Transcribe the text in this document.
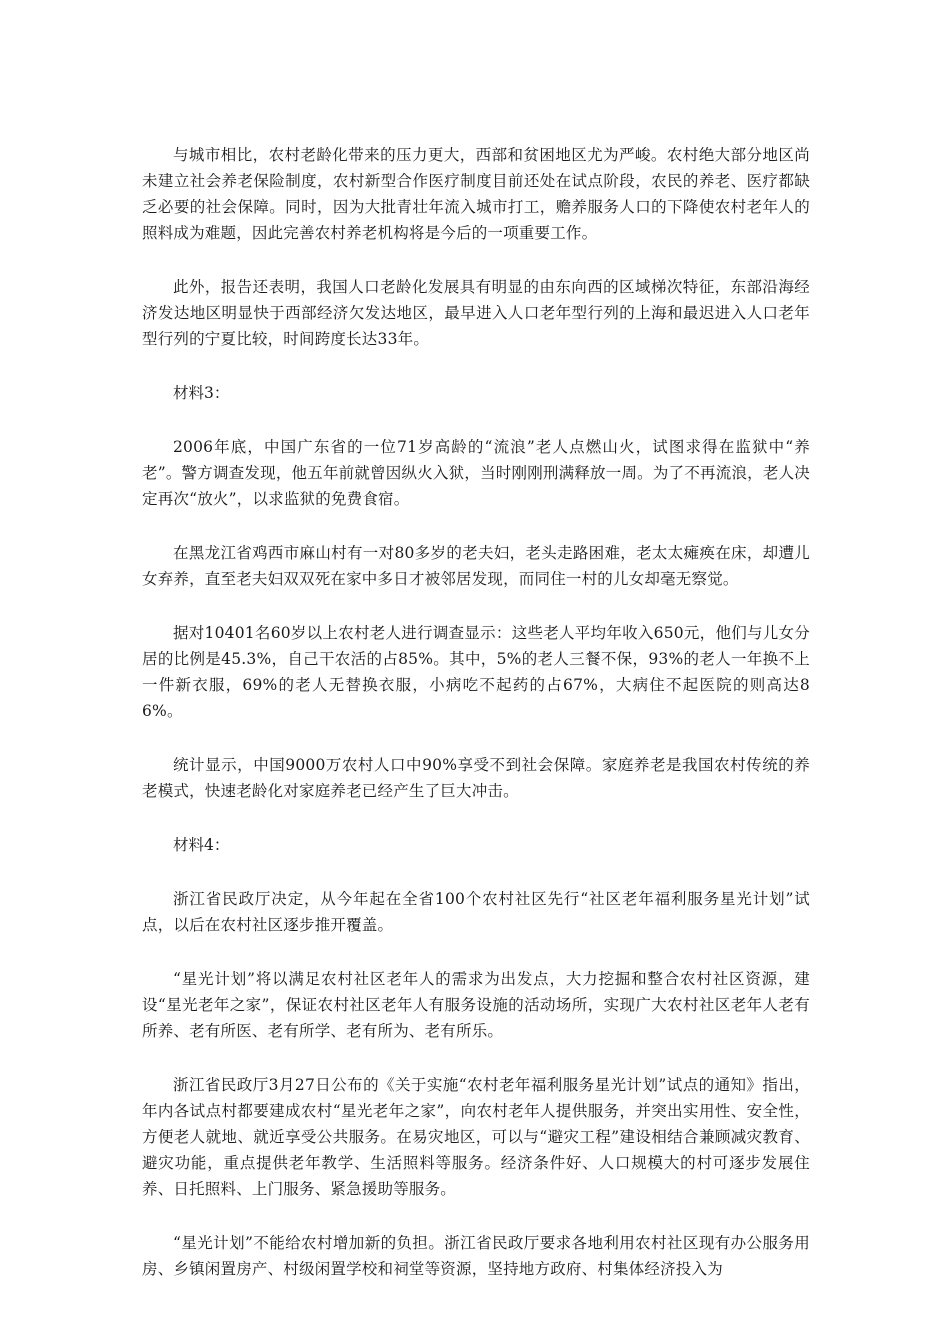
与城市相比，农村老龄化带来的压力更大，西部和贫困地区尤为严峻。农村绝大部分地区尚未建立社会养老保险制度，农村新型合作医疗制度目前还处在试点阶段，农民的养老、医疗都缺乏必要的社会保障。同时，因为大批青壮年流入城市打工，赡养服务人口的下降使农村老年人的照料成为难题，因此完善农村养老机构将是今后的一项重要工作。

此外，报告还表明，我国人口老龄化发展具有明显的由东向西的区域梯次特征，东部沿海经济发达地区明显快于西部经济欠发达地区，最早进入人口老年型行列的上海和最迟进入人口老年型行列的宁夏比较，时间跨度长达33年。

材料3：

2006年底，中国广东省的一位71岁高龄的“流浪”老人点燃山火，试图求得在监狱中“养老”。警方调查发现，他五年前就曾因纵火入狱，当时刚刚刑满释放一周。为了不再流浪，老人决定再次“放火”，以求监狱的免费食宿。

在黑龙江省鸡西市麻山村有一对80多岁的老夫妇，老头走路困难，老太太瘫痪在床，却遭儿女弃养，直至老夫妇双双死在家中多日才被邻居发现，而同住一村的儿女却毫无察觉。

据对10401名60岁以上农村老人进行调查显示：这些老人平均年收入650元，他们与儿女分居的比例是45.3%，自己干农活的占85%。其中，5%的老人三餐不保，93%的老人一年换不上一件新衣服，69%的老人无替换衣服，小病吃不起药的占67%，大病住不起医院的则高达86%。

统计显示，中国9000万农村人口中90%享受不到社会保障。家庭养老是我国农村传统的养老模式，快速老龄化对家庭养老已经产生了巨大冲击。

材料4：

浙江省民政厅决定，从今年起在全省100个农村社区先行“社区老年福利服务星光计划”试点，以后在农村社区逐步推开覆盖。

“星光计划”将以满足农村社区老年人的需求为出发点，大力挖掘和整合农村社区资源，建设“星光老年之家”，保证农村社区老年人有服务设施的活动场所，实现广大农村社区老年人老有所养、老有所医、老有所学、老有所为、老有所乐。

浙江省民政厅3月27日公布的《关于实施“农村老年福利服务星光计划”试点的通知》指出，年内各试点村都要建成农村“星光老年之家”，向农村老年人提供服务，并突出实用性、安全性，方便老人就地、就近享受公共服务。在易灾地区，可以与“避灾工程”建设相结合兼顾减灾教育、避灾功能，重点提供老年教学、生活照料等服务。经济条件好、人口规模大的村可逐步发展住养、日托照料、上门服务、紧急援助等服务。

“星光计划”不能给农村增加新的负担。浙江省民政厅要求各地利用农村社区现有办公服务用房、乡镇闲置房产、村级闲置学校和祠堂等资源，坚持地方政府、村集体经济投入为
